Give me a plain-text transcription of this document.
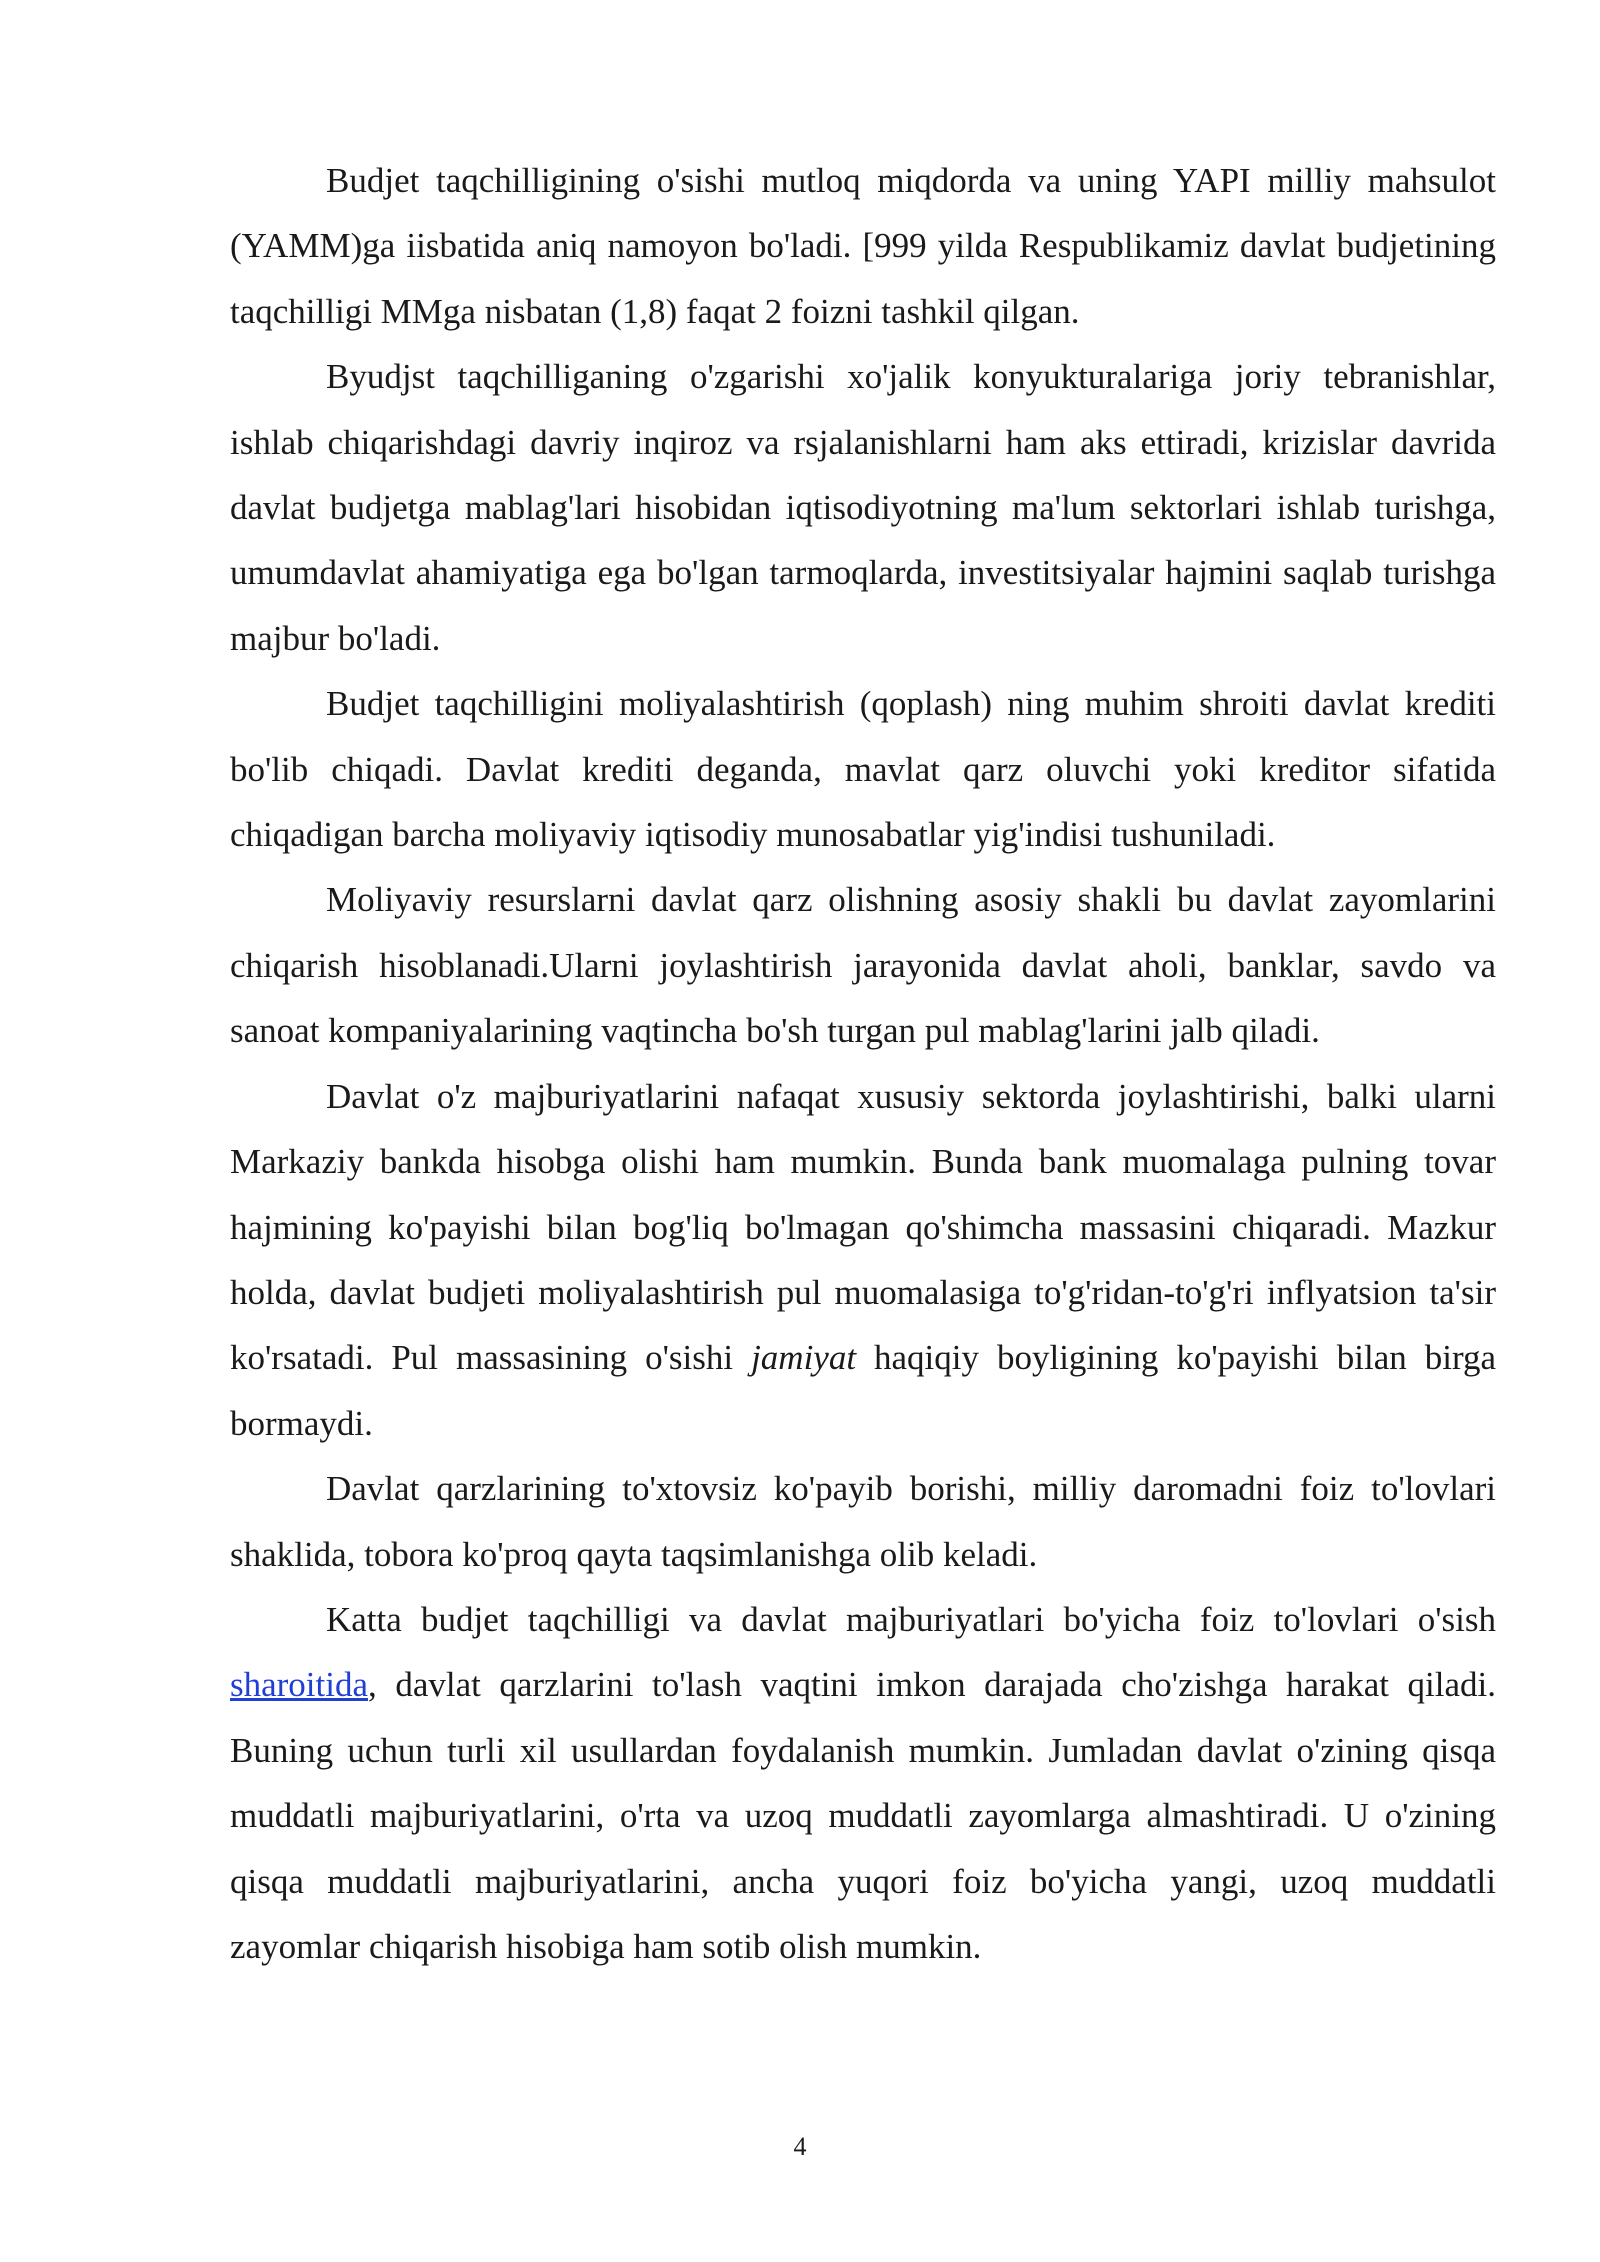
Budjet taqchilligining o'sishi mutloq miqdorda va uning YAPI milliy mahsulot (YAMM)ga iisbatida aniq namoyon bo'ladi. [999 yilda Respublikamiz davlat budjetining taqchilligi MMga nisbatan (1,8) faqat 2 foizni tashkil qilgan.

Byudjst taqchilliganing o'zgarishi xo'jalik konyukturalariga joriy tebranishlar, ishlab chiqarishdagi davriy inqiroz va rsjalanishlarni ham aks ettiradi, krizislar davrida davlat budjetga mablag'lari hisobidan iqtisodiyotning ma'lum sektorlari ishlab turishga, umumdavlat ahamiyatiga ega bo'lgan tarmoqlarda, investitsiyalar hajmini saqlab turishga majbur bo'ladi.

Budjet taqchilligini moliyalashtirish (qoplash) ning muhim shroiti davlat krediti bo'lib chiqadi. Davlat krediti deganda, mavlat qarz oluvchi yoki kreditor sifatida chiqadigan barcha moliyaviy iqtisodiy munosabatlar yig'indisi tushuniladi.

Moliyaviy resurslarni davlat qarz olishning asosiy shakli bu davlat zayomlarini chiqarish hisoblanadi.Ularni joylashtirish jarayonida davlat aholi, banklar, savdo va sanoat kompaniyalarining vaqtincha bo'sh turgan pul mablag'larini jalb qiladi.

Davlat o'z majburiyatlarini nafaqat xususiy sektorda joylashtirishi, balki ularni Markaziy bankda hisobga olishi ham mumkin. Bunda bank muomalaga pulning tovar hajmining ko'payishi bilan bog'liq bo'lmagan qo'shimcha massasini chiqaradi. Mazkur holda, davlat budjeti moliyalashtirish pul muomalasiga to'g'ridan-to'g'ri inflyatsion ta'sir ko'rsatadi. Pul massasining o'sishi jamiyat haqiqiy boyligining ko'payishi bilan birga bormaydi.

Davlat qarzlarining to'xtovsiz ko'payib borishi, milliy daromadni foiz to'lovlari shaklida, tobora ko'proq qayta taqsimlanishga olib keladi.

Katta budjet taqchilligi va davlat majburiyatlari bo'yicha foiz to'lovlari o'sish sharoitida, davlat qarzlarini to'lash vaqtini imkon darajada cho'zishga harakat qiladi. Buning uchun turli xil usullardan foydalanish mumkin. Jumladan davlat o'zining qisqa muddatli majburiyatlarini, o'rta va uzoq muddatli zayomlarga almashtiradi. U o'zining qisqa muddatli majburiyatlarini, ancha yuqori foiz bo'yicha yangi, uzoq muddatli zayomlar chiqarish hisobiga ham sotib olish mumkin.

4
